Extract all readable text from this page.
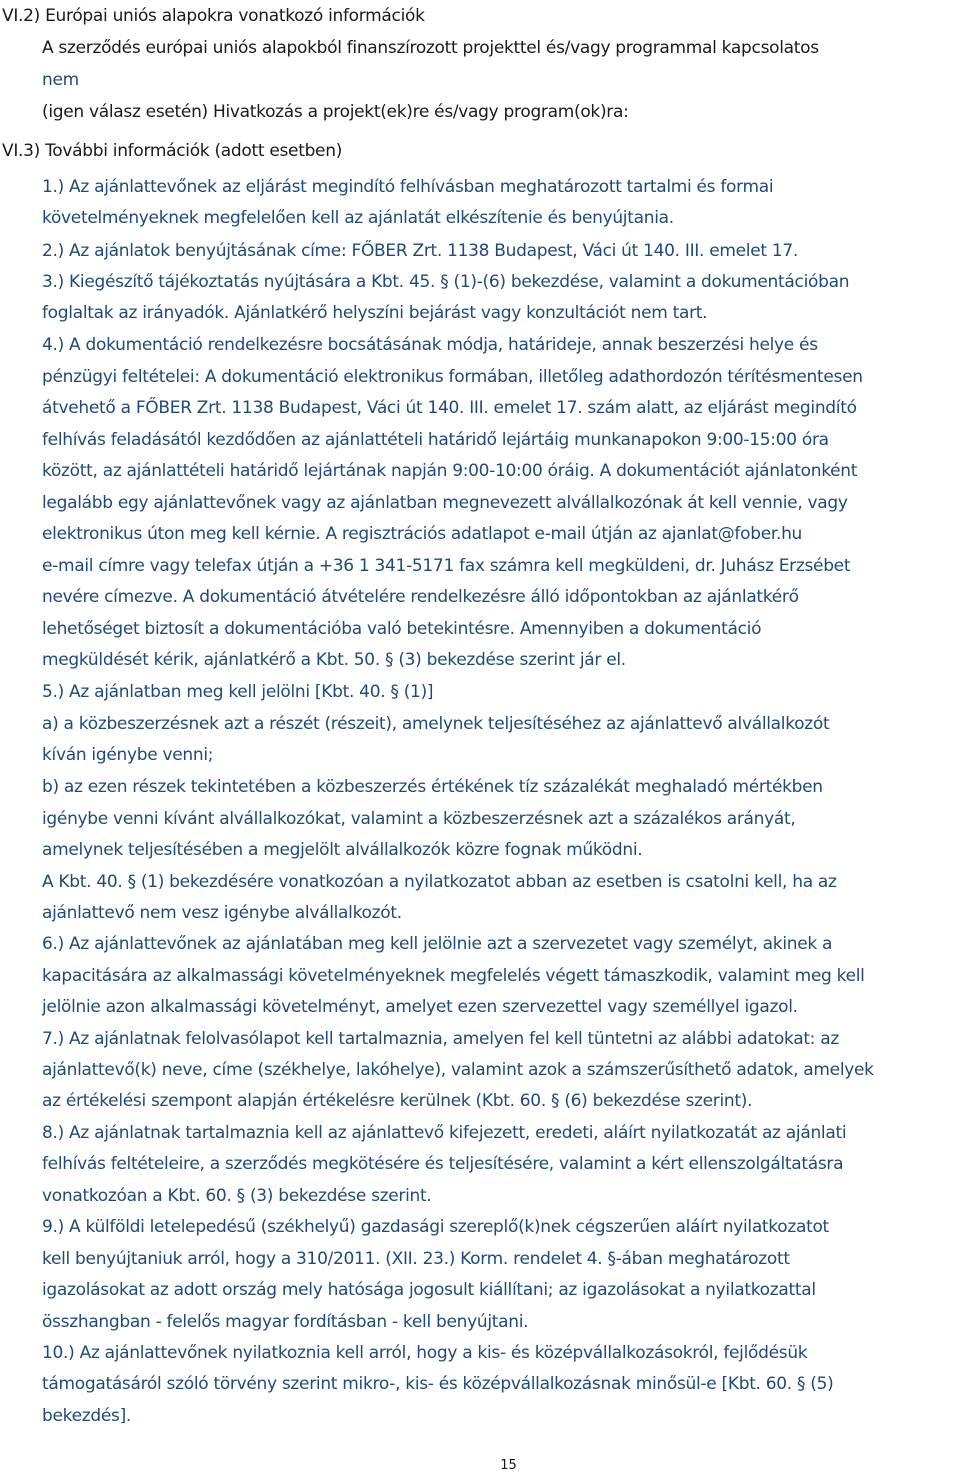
VI.2) Európai uniós alapokra vonatkozó információk
A szerződés európai uniós alapokból finanszírozott projekttel és/vagy programmal kapcsolatos
nem
(igen válasz esetén) Hivatkozás a projekt(ek)re és/vagy program(ok)ra:
VI.3) További információk (adott esetben)
1.) Az ajánlattevőnek az eljárást megindító felhívásban meghatározott tartalmi és formai
követelményeknek megfelelően kell az ajánlatát elkészítenie és benyújtania.
2.) Az ajánlatok benyújtásának címe: FŐBER Zrt. 1138 Budapest, Váci út 140. III. emelet 17.
3.) Kiegészítő tájékoztatás nyújtására a Kbt. 45. § (1)-(6) bekezdése, valamint a dokumentációban
foglaltak az irányadók. Ajánlatkérő helyszíni bejárást vagy konzultációt nem tart.
4.) A dokumentáció rendelkezésre bocsátásának módja, határideje, annak beszerzési helye és
pénzügyi feltételei: A dokumentáció elektronikus formában, illetőleg adathordozón térítésmentesen
átvehető a FŐBER Zrt. 1138 Budapest, Váci út 140. III. emelet 17. szám alatt, az eljárást megindító
felhívás feladásától kezdődően az ajánlattételi határidő lejártáig munkanapokon 9:00-15:00 óra
között, az ajánlattételi határidő lejártának napján 9:00-10:00 óráig. A dokumentációt ajánlatonként
legalább egy ajánlattevőnek vagy az ajánlatban megnevezett alvállalkozónak át kell vennie, vagy
elektronikus úton meg kell kérnie. A regisztrációs adatlapot e-mail útján az ajanlat@fober.hu
e-mail címre vagy telefax útján a +36 1 341-5171 fax számra kell megküldeni, dr. Juhász Erzsébet
nevére címezve. A dokumentáció átvételére rendelkezésre álló időpontokban az ajánlatkérő
lehetőséget biztosít a dokumentációba való betekintésre. Amennyiben a dokumentáció
megküldését kérik, ajánlatkérő a Kbt. 50. § (3) bekezdése szerint jár el.
5.) Az ajánlatban meg kell jelölni [Kbt. 40. § (1)]
a) a közbeszerzésnek azt a részét (részeit), amelynek teljesítéséhez az ajánlattevő alvállalkozót
kíván igénybe venni;
b) az ezen részek tekintetében a közbeszerzés értékének tíz százalékát meghaladó mértékben
igénybe venni kívánt alvállalkozókat, valamint a közbeszerzésnek azt a százalékos arányát,
amelynek teljesítésében a megjelölt alvállalkozók közre fognak működni.
A Kbt. 40. § (1) bekezdésére vonatkozóan a nyilatkozatot abban az esetben is csatolni kell, ha az
ajánlattevő nem vesz igénybe alvállalkozót.
6.) Az ajánlattevőnek az ajánlatában meg kell jelölnie azt a szervezetet vagy személyt, akinek a
kapacitására az alkalmassági követelményeknek megfelelés végett támaszkodik, valamint meg kell
jelölnie azon alkalmassági követelményt, amelyet ezen szervezettel vagy személlyel igazol.
7.) Az ajánlatnak felolvasólapot kell tartalmaznia, amelyen fel kell tüntetni az alábbi adatokat: az
ajánlattevő(k) neve, címe (székhelye, lakóhelye), valamint azok a számszerűsíthető adatok, amelyek
az értékelési szempont alapján értékelésre kerülnek (Kbt. 60. § (6) bekezdése szerint).
8.) Az ajánlatnak tartalmaznia kell az ajánlattevő kifejezett, eredeti, aláírt nyilatkozatát az ajánlati
felhívás feltételeire, a szerződés megkötésére és teljesítésére, valamint a kért ellenszolgáltatásra
vonatkozóan a Kbt. 60. § (3) bekezdése szerint.
9.) A külföldi letelepedésű (székhelyű) gazdasági szereplő(k)nek cégszerűen aláírt nyilatkozatot
kell benyújtaniuk arról, hogy a 310/2011. (XII. 23.) Korm. rendelet 4. §-ában meghatározott
igazolásokat az adott ország mely hatósága jogosult kiállítani; az igazolásokat a nyilatkozattal
összhangban - felelős magyar fordításban - kell benyújtani.
10.) Az ajánlattevőnek nyilatkoznia kell arról, hogy a kis- és középvállalkozásokról, fejlődésük
támogatásáról szóló törvény szerint mikro-, kis- és középvállalkozásnak minősül-e [Kbt. 60. § (5)
bekezdés].
15
